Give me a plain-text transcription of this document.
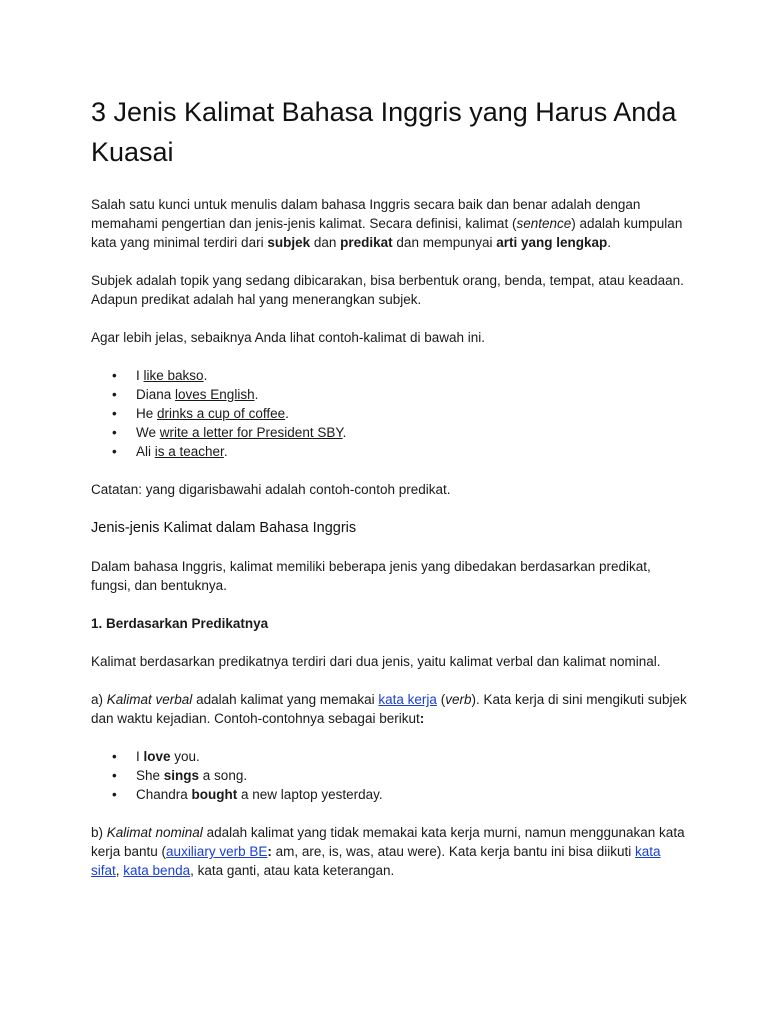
3 Jenis Kalimat Bahasa Inggris yang Harus Anda Kuasai

Salah satu kunci untuk menulis dalam bahasa Inggris secara baik dan benar adalah dengan memahami pengertian dan jenis-jenis kalimat. Secara definisi, kalimat (sentence) adalah kumpulan kata yang minimal terdiri dari subjek dan predikat dan mempunyai arti yang lengkap.

Subjek adalah topik yang sedang dibicarakan, bisa berbentuk orang, benda, tempat, atau keadaan. Adapun predikat adalah hal yang menerangkan subjek.

Agar lebih jelas, sebaiknya Anda lihat contoh-kalimat di bawah ini.

• I like bakso.
• Diana loves English.
• He drinks a cup of coffee.
• We write a letter for President SBY.
• Ali is a teacher.

Catatan: yang digarisbawahi adalah contoh-contoh predikat.

Jenis-jenis Kalimat dalam Bahasa Inggris

Dalam bahasa Inggris, kalimat memiliki beberapa jenis yang dibedakan berdasarkan predikat, fungsi, dan bentuknya.

1. Berdasarkan Predikatnya

Kalimat berdasarkan predikatnya terdiri dari dua jenis, yaitu kalimat verbal dan kalimat nominal.

a) Kalimat verbal adalah kalimat yang memakai kata kerja (verb). Kata kerja di sini mengikuti subjek dan waktu kejadian. Contoh-contohnya sebagai berikut:

• I love you.
• She sings a song.
• Chandra bought a new laptop yesterday.

b) Kalimat nominal adalah kalimat yang tidak memakai kata kerja murni, namun menggunakan kata kerja bantu (auxiliary verb BE: am, are, is, was, atau were). Kata kerja bantu ini bisa diikuti kata sifat, kata benda, kata ganti, atau kata keterangan.
